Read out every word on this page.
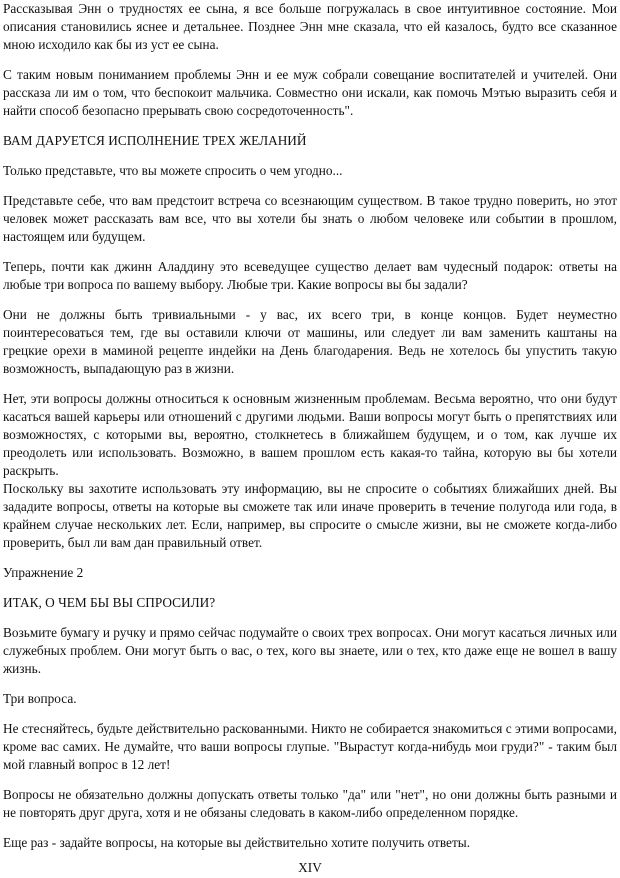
Рассказывая Энн о трудностях ее сына, я все больше погружалась в свое интуитивное состояние. Мои описания становились яснее и детальнее. Позднее Энн мне сказала, что ей казалось, будто все сказанное мною исходило как бы из уст ее сына.

С таким новым пониманием проблемы Энн и ее муж собрали совещание воспитателей и учителей. Они рассказа ли им о том, что беспокоит мальчика. Совместно они искали, как помочь Мэтью выразить себя и найти способ безопасно прерывать свою сосредоточенность".

ВАМ ДАРУЕТСЯ ИСПОЛНЕНИЕ ТРЕХ ЖЕЛАНИЙ

Только представьте, что вы можете спросить о чем угодно...

Представьте себе, что вам предстоит встреча со всезнающим существом. В такое трудно поверить, но этот человек может рассказать вам все, что вы хотели бы знать о любом человеке или событии в прошлом, настоящем или будущем.

Теперь, почти как джинн Аладдину это всеведущее существо делает вам чудесный подарок: ответы на любые три вопроса по вашему выбору. Любые три. Какие вопросы вы бы задали?

Они не должны быть тривиальными - у вас, их всего три, в конце концов. Будет неуместно поинтересоваться тем, где вы оставили ключи от машины, или следует ли вам заменить каштаны на грецкие орехи в маминой рецепте индейки на День благодарения. Ведь не хотелось бы упустить такую возможность, выпадающую раз в жизни.

Нет, эти вопросы должны относиться к основным жизненным проблемам. Весьма вероятно, что они будут касаться вашей карьеры или отношений с другими людьми. Ваши вопросы могут быть о препятствиях или возможностях, с которыми вы, вероятно, столкнетесь в ближайшем будущем, и о том, как лучше их преодолеть или использовать. Возможно, в вашем прошлом есть какая-то тайна, которую вы бы хотели раскрыть.

Поскольку вы захотите использовать эту информацию, вы не спросите о событиях ближайших дней. Вы зададите вопросы, ответы на которые вы сможете так или иначе проверить в течение полугода или года, в крайнем случае нескольких лет. Если, например, вы спросите о смысле жизни, вы не сможете когда-либо проверить, был ли вам дан правильный ответ.

Упражнение 2

ИТАК, О ЧЕМ БЫ ВЫ СПРОСИЛИ?

Возьмите бумагу и ручку и прямо сейчас подумайте о своих трех вопросах. Они могут касаться личных или служебных проблем. Они могут быть о вас, о тех, кого вы знаете, или о тех, кто даже еще не вошел в вашу жизнь.

Три вопроса.

Не стесняйтесь, будьте действительно раскованными. Никто не собирается знакомиться с этими вопросами, кроме вас самих. Не думайте, что ваши вопросы глупые. "Вырастут когда-нибудь мои груди?" - таким был мой главный вопрос в 12 лет!

Вопросы не обязательно должны допускать ответы только "да" или "нет", но они должны быть разными и не повторять друг друга, хотя и не обязаны следовать в каком-либо определенном порядке.

Еще раз - задайте вопросы, на которые вы действительно хотите получить ответы.

XIV
